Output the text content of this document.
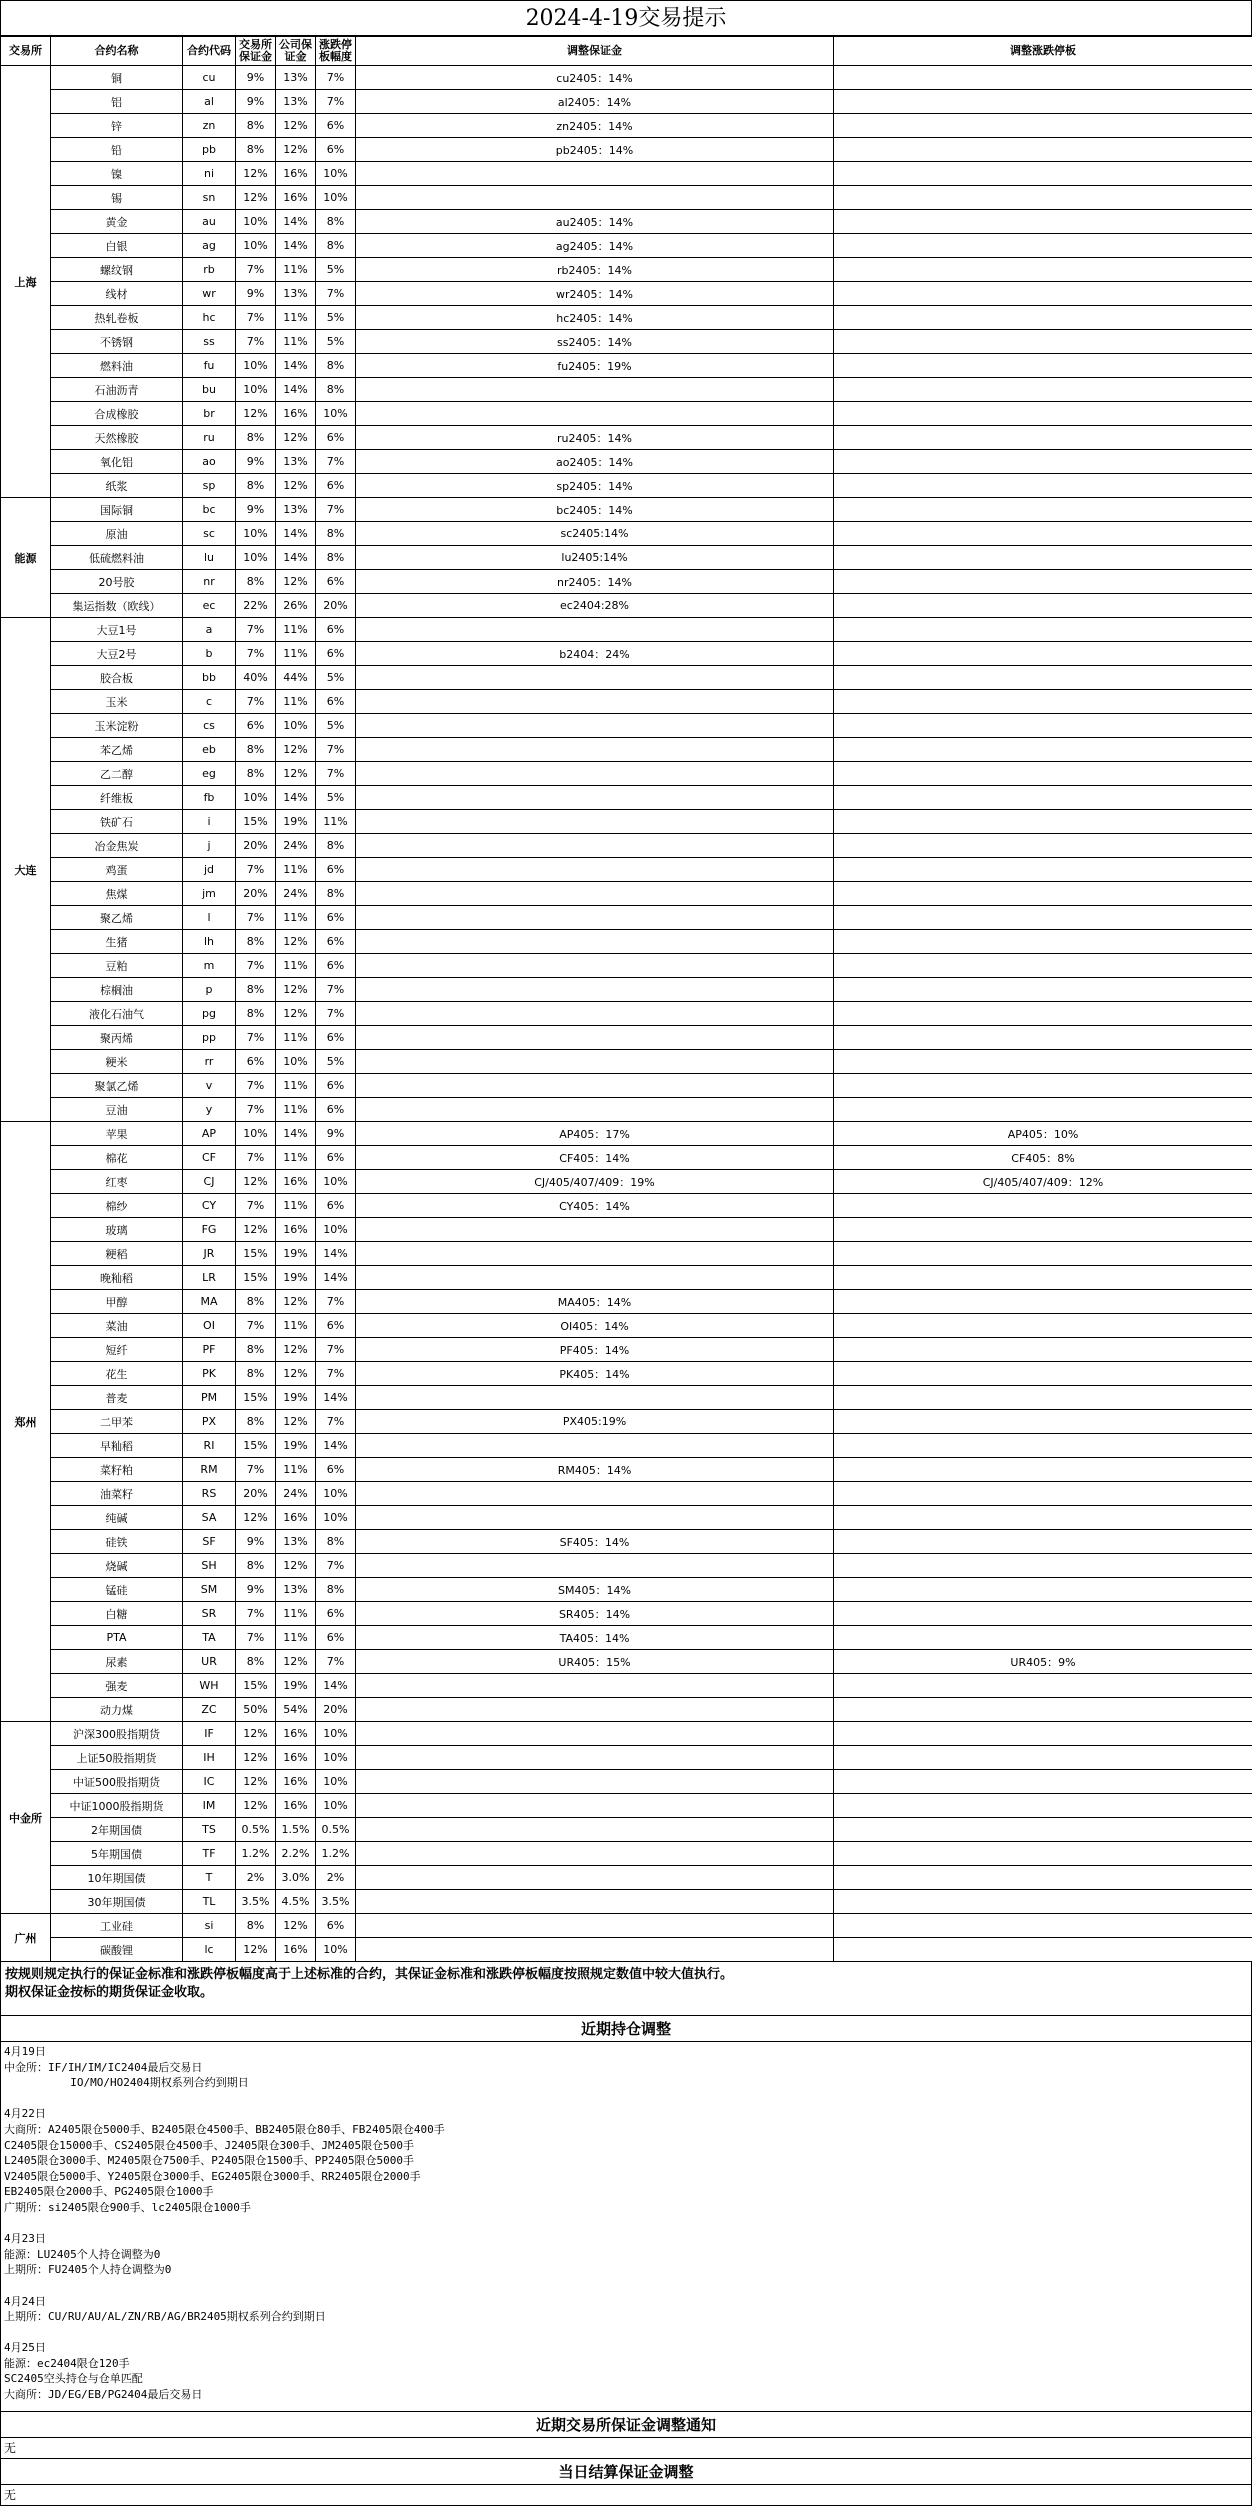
2024-4-19交易提示
交易所	合约名称	合约代码	交易所保证金	公司保证金	涨跌停板幅度	调整保证金	调整涨跌停板
上海	铜	cu	9%	13%	7%	cu2405：14%	
	铝	al	9%	13%	7%	al2405：14%	
	锌	zn	8%	12%	6%	zn2405：14%	
	铅	pb	8%	12%	6%	pb2405：14%	
	镍	ni	12%	16%	10%		
	锡	sn	12%	16%	10%		
	黄金	au	10%	14%	8%	au2405：14%	
	白银	ag	10%	14%	8%	ag2405：14%	
	螺纹钢	rb	7%	11%	5%	rb2405：14%	
	线材	wr	9%	13%	7%	wr2405：14%	
	热轧卷板	hc	7%	11%	5%	hc2405：14%	
	不锈钢	ss	7%	11%	5%	ss2405：14%	
	燃料油	fu	10%	14%	8%	fu2405：19%	
	石油沥青	bu	10%	14%	8%		
	合成橡胶	br	12%	16%	10%		
	天然橡胶	ru	8%	12%	6%	ru2405：14%	
	氧化铝	ao	9%	13%	7%	ao2405：14%	
	纸浆	sp	8%	12%	6%	sp2405：14%	
能源	国际铜	bc	9%	13%	7%	bc2405：14%	
	原油	sc	10%	14%	8%	sc2405:14%	
	低硫燃料油	lu	10%	14%	8%	lu2405:14%	
	20号胶	nr	8%	12%	6%	nr2405：14%	
	集运指数（欧线）	ec	22%	26%	20%	ec2404:28%	
大连	大豆1号	a	7%	11%	6%		
	大豆2号	b	7%	11%	6%	b2404：24%	
	胶合板	bb	40%	44%	5%		
	玉米	c	7%	11%	6%		
	玉米淀粉	cs	6%	10%	5%		
	苯乙烯	eb	8%	12%	7%		
	乙二醇	eg	8%	12%	7%		
	纤维板	fb	10%	14%	5%		
	铁矿石	i	15%	19%	11%		
	冶金焦炭	j	20%	24%	8%		
	鸡蛋	jd	7%	11%	6%		
	焦煤	jm	20%	24%	8%		
	聚乙烯	l	7%	11%	6%		
	生猪	lh	8%	12%	6%		
	豆粕	m	7%	11%	6%		
	棕榈油	p	8%	12%	7%		
	液化石油气	pg	8%	12%	7%		
	聚丙烯	pp	7%	11%	6%		
	粳米	rr	6%	10%	5%		
	聚氯乙烯	v	7%	11%	6%		
	豆油	y	7%	11%	6%		
郑州	苹果	AP	10%	14%	9%	AP405：17%	AP405：10%
	棉花	CF	7%	11%	6%	CF405：14%	CF405：8%
	红枣	CJ	12%	16%	10%	CJ/405/407/409：19%	CJ/405/407/409：12%
	棉纱	CY	7%	11%	6%	CY405：14%	
	玻璃	FG	12%	16%	10%		
	粳稻	JR	15%	19%	14%		
	晚籼稻	LR	15%	19%	14%		
	甲醇	MA	8%	12%	7%	MA405：14%	
	菜油	OI	7%	11%	6%	OI405：14%	
	短纤	PF	8%	12%	7%	PF405：14%	
	花生	PK	8%	12%	7%	PK405：14%	
	普麦	PM	15%	19%	14%		
	二甲苯	PX	8%	12%	7%	PX405:19%	
	早籼稻	RI	15%	19%	14%		
	菜籽粕	RM	7%	11%	6%	RM405：14%	
	油菜籽	RS	20%	24%	10%		
	纯碱	SA	12%	16%	10%		
	硅铁	SF	9%	13%	8%	SF405：14%	
	烧碱	SH	8%	12%	7%		
	锰硅	SM	9%	13%	8%	SM405：14%	
	白糖	SR	7%	11%	6%	SR405：14%	
	PTA	TA	7%	11%	6%	TA405：14%	
	尿素	UR	8%	12%	7%	UR405：15%	UR405：9%
	强麦	WH	15%	19%	14%		
	动力煤	ZC	50%	54%	20%		
中金所	沪深300股指期货	IF	12%	16%	10%		
	上证50股指期货	IH	12%	16%	10%		
	中证500股指期货	IC	12%	16%	10%		
	中证1000股指期货	IM	12%	16%	10%		
	2年期国债	TS	0.5%	1.5%	0.5%		
	5年期国债	TF	1.2%	2.2%	1.2%		
	10年期国债	T	2%	3.0%	2%		
	30年期国债	TL	3.5%	4.5%	3.5%		
广州	工业硅	si	8%	12%	6%		
	碳酸锂	lc	12%	16%	10%		
按规则规定执行的保证金标准和涨跌停板幅度高于上述标准的合约，其保证金标准和涨跌停板幅度按照规定数值中较大值执行。
期权保证金按标的期货保证金收取。
近期持仓调整
4月19日
中金所：IF/IH/IM/IC2404最后交易日
IO/MO/HO2404期权系列合约到期日
4月22日
大商所：A2405限仓5000手、B2405限仓4500手、BB2405限仓80手、FB2405限仓400手
C2405限仓15000手、CS2405限仓4500手、J2405限仓300手、JM2405限仓500手
L2405限仓3000手、M2405限仓7500手、P2405限仓1500手、PP2405限仓5000手
V2405限仓5000手、Y2405限仓3000手、EG2405限仓3000手、RR2405限仓2000手
EB2405限仓2000手、PG2405限仓1000手
广期所：si2405限仓900手、lc2405限仓1000手
4月23日
能源：LU2405个人持仓调整为0
上期所：FU2405个人持仓调整为0
4月24日
上期所：CU/RU/AU/AL/ZN/RB/AG/BR2405期权系列合约到期日
4月25日
能源：ec2404限仓120手
SC2405空头持仓与仓单匹配
大商所：JD/EG/EB/PG2404最后交易日
近期交易所保证金调整通知
无
当日结算保证金调整
无
